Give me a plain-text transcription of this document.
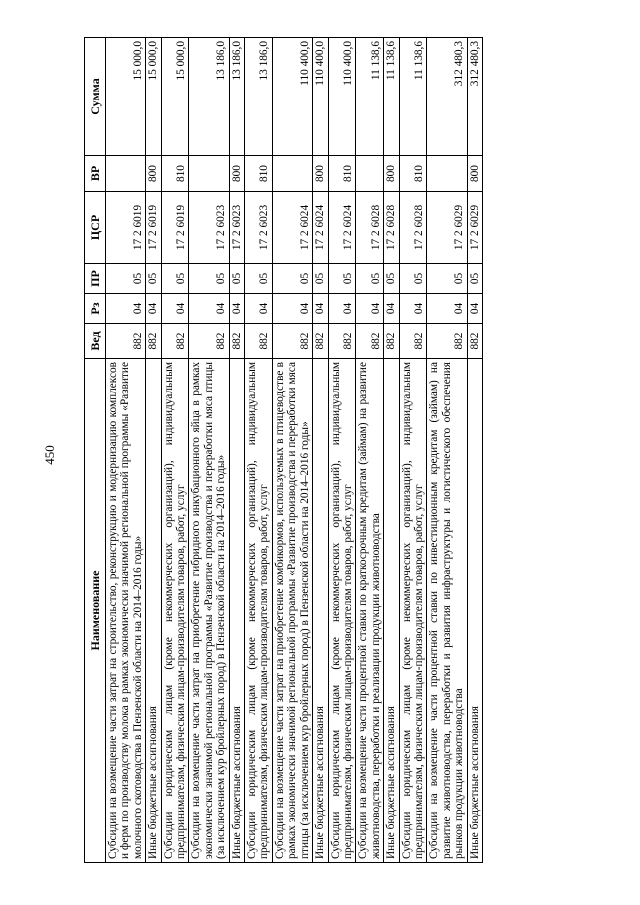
450
Наименование	Вед	Рз	ПР	ЦСР	ВР	Сумма
Субсидии на возмещение части затрат на строительство, реконструкцию и модернизацию комплексов и ферм по производству молока в рамках экономически значимой региональной программы «Развитие молочного скотоводства в Пензенской области на 2014–2016 годы»	882	04	05	17 2 6019		15 000,0
Иные бюджетные ассигнования	882	04	05	17 2 6019	800	15 000,0
Субсидии юридическим лицам (кроме некоммерческих организаций), индивидуальным предпринимателям, физическим лицам-производителям товаров, работ, услуг	882	04	05	17 2 6019	810	15 000,0
Субсидии на возмещение части затрат на приобретение гибридного инкубационного яйца в рамках экономически значимой региональной программы «Развитие производства и переработки мяса птицы (за исключением кур бройлерных пород) в Пензенской области на 2014–2016 годы»	882	04	05	17 2 6023		13 186,0
Иные бюджетные ассигнования	882	04	05	17 2 6023	800	13 186,0
Субсидии юридическим лицам (кроме некоммерческих организаций), индивидуальным предпринимателям, физическим лицам-производителям товаров, работ, услуг	882	04	05	17 2 6023	810	13 186,0
Субсидии на возмещение части затрат на приобретение комбикормов, используемых в птицеводстве в рамках экономически значимой региональной программы «Развитие производства и переработки мяса птицы (за исключением кур бройлерных пород) в Пензенской области на 2014–2016 годы»	882	04	05	17 2 6024		110 400,0
Иные бюджетные ассигнования	882	04	05	17 2 6024	800	110 400,0
Субсидии юридическим лицам (кроме некоммерческих организаций), индивидуальным предпринимателям, физическим лицам-производителям товаров, работ, услуг	882	04	05	17 2 6024	810	110 400,0
Субсидии на возмещение части процентной ставки по краткосрочным кредитам (займам) на развитие животноводства, переработки и реализации продукции животноводства	882	04	05	17 2 6028		11 138,6
Иные бюджетные ассигнования	882	04	05	17 2 6028	800	11 138,6
Субсидии юридическим лицам (кроме некоммерческих организаций), индивидуальным предпринимателям, физическим лицам-производителям товаров, работ, услуг	882	04	05	17 2 6028	810	11 138,6
Субсидии на возмещение части процентной ставки по инвестиционным кредитам (займам) на развитие животноводства, переработки и развития инфраструктуры и логистического обеспечения рынков продукции животноводства	882	04	05	17 2 6029		312 480,3
Иные бюджетные ассигнования	882	04	05	17 2 6029	800	312 480,3
